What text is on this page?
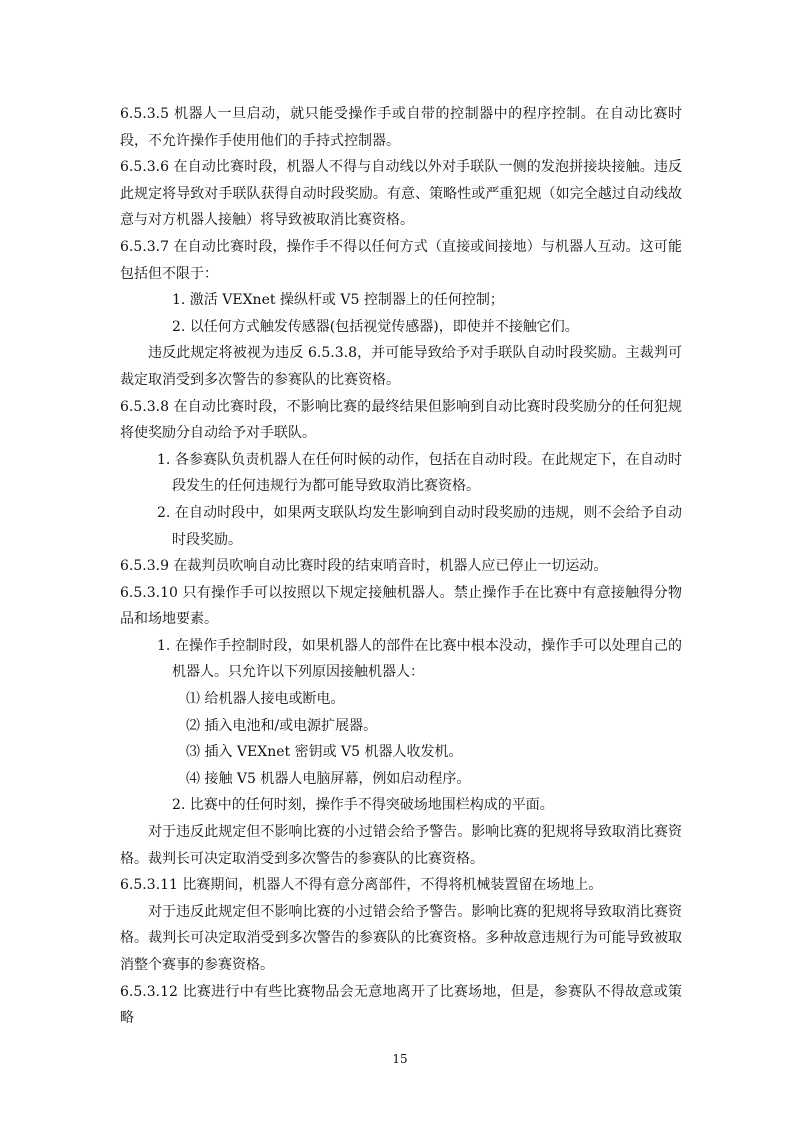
6.5.3.5 机器人一旦启动，就只能受操作手或自带的控制器中的程序控制。在自动比赛时段，不允许操作手使用他们的手持式控制器。

6.5.3.6 在自动比赛时段，机器人不得与自动线以外对手联队一侧的发泡拼接块接触。违反此规定将导致对手联队获得自动时段奖励。有意、策略性或严重犯规（如完全越过自动线故意与对方机器人接触）将导致被取消比赛资格。

6.5.3.7 在自动比赛时段，操作手不得以任何方式（直接或间接地）与机器人互动。这可能包括但不限于：

1. 激活 VEXnet 操纵杆或 V5 控制器上的任何控制；

2. 以任何方式触发传感器(包括视觉传感器)，即使并不接触它们。

违反此规定将被视为违反 6.5.3.8，并可能导致给予对手联队自动时段奖励。主裁判可裁定取消受到多次警告的参赛队的比赛资格。

6.5.3.8 在自动比赛时段，不影响比赛的最终结果但影响到自动比赛时段奖励分的任何犯规将使奖励分自动给予对手联队。

1. 各参赛队负责机器人在任何时候的动作，包括在自动时段。在此规定下，在自动时段发生的任何违规行为都可能导致取消比赛资格。

2. 在自动时段中，如果两支联队均发生影响到自动时段奖励的违规，则不会给予自动时段奖励。

6.5.3.9 在裁判员吹响自动比赛时段的结束哨音时，机器人应已停止一切运动。

6.5.3.10 只有操作手可以按照以下规定接触机器人。禁止操作手在比赛中有意接触得分物品和场地要素。

1. 在操作手控制时段，如果机器人的部件在比赛中根本没动，操作手可以处理自己的机器人。只允许以下列原因接触机器人：

⑴ 给机器人接电或断电。

⑵ 插入电池和/或电源扩展器。

⑶ 插入 VEXnet 密钥或 V5 机器人收发机。

⑷ 接触 V5 机器人电脑屏幕，例如启动程序。

2. 比赛中的任何时刻，操作手不得突破场地围栏构成的平面。

对于违反此规定但不影响比赛的小过错会给予警告。影响比赛的犯规将导致取消比赛资格。裁判长可决定取消受到多次警告的参赛队的比赛资格。

6.5.3.11 比赛期间，机器人不得有意分离部件，不得将机械装置留在场地上。

对于违反此规定但不影响比赛的小过错会给予警告。影响比赛的犯规将导致取消比赛资格。裁判长可决定取消受到多次警告的参赛队的比赛资格。多种故意违规行为可能导致被取消整个赛事的参赛资格。

6.5.3.12 比赛进行中有些比赛物品会无意地离开了比赛场地，但是，参赛队不得故意或策略

15
